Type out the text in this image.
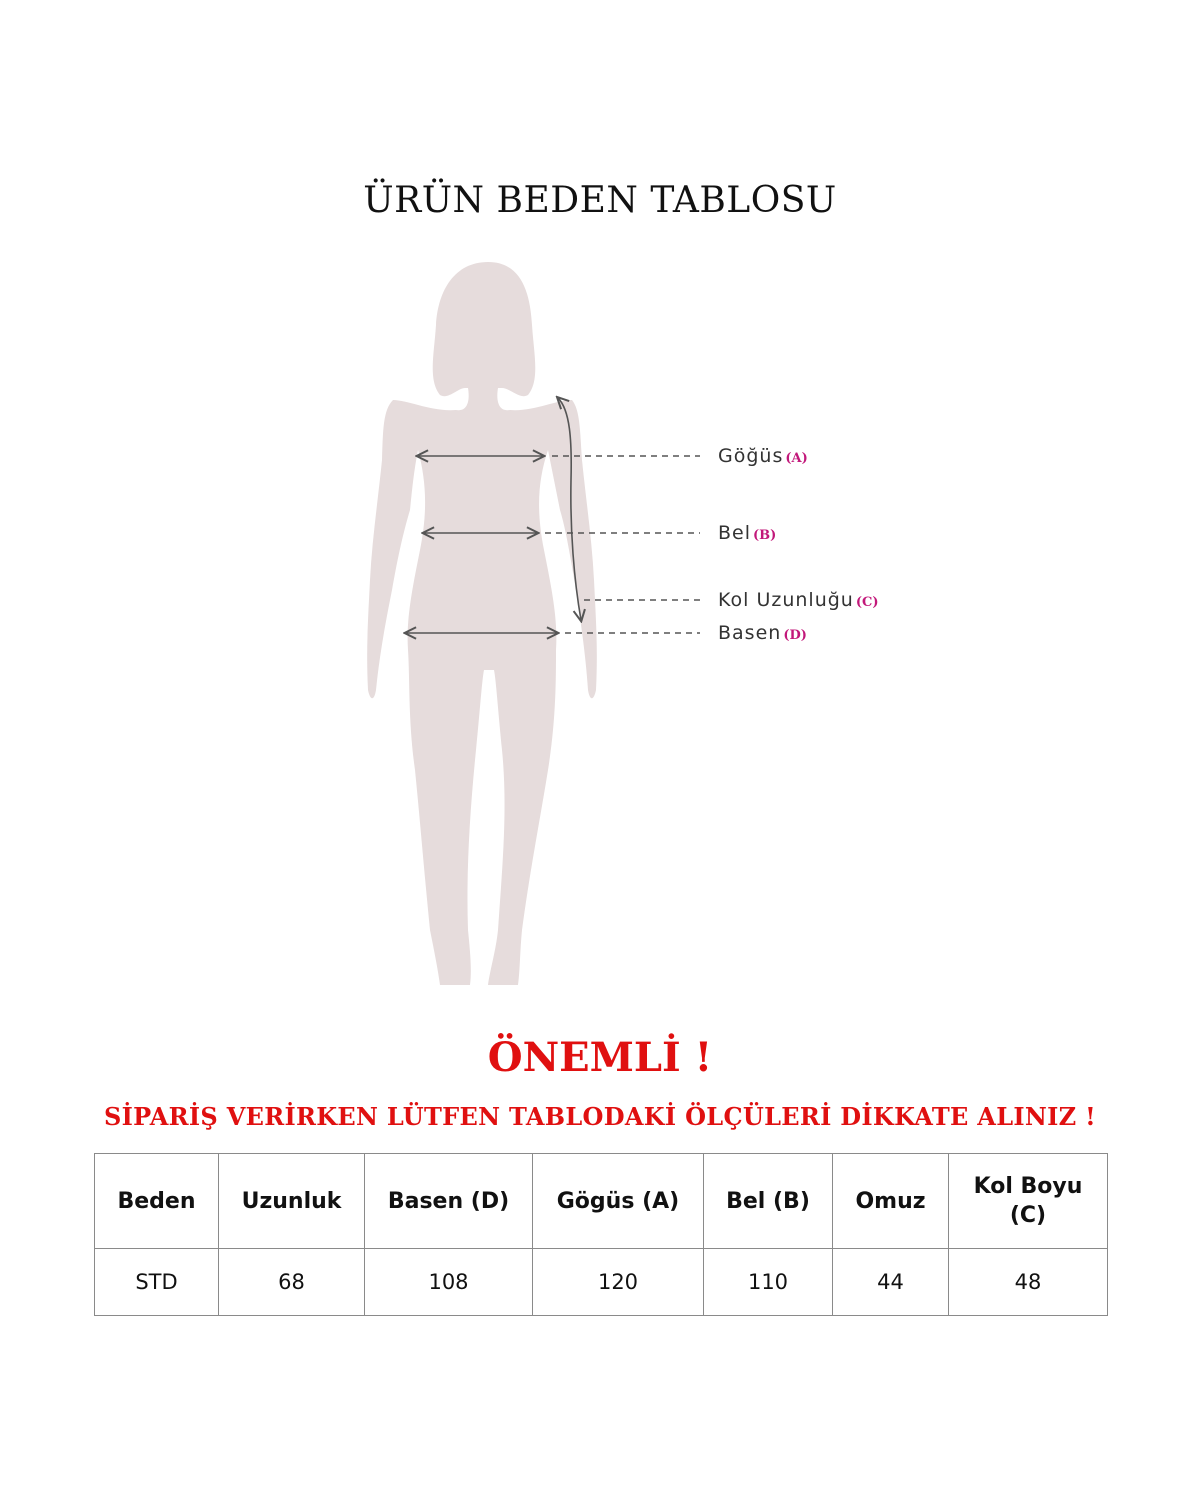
ÜRÜN BEDEN TABLOSU
Göğüs (A)
Bel (B)
Kol Uzunluğu (C)
Basen (D)
ÖNEMLİ !
SİPARİŞ VERİRKEN LÜTFEN TABLODAKİ ÖLÇÜLERİ DİKKATE ALINIZ !
Beden	Uzunluk	Basen (D)	Gögüs (A)	Bel (B)	Omuz	Kol Boyu (C)
STD	68	108	120	110	44	48
